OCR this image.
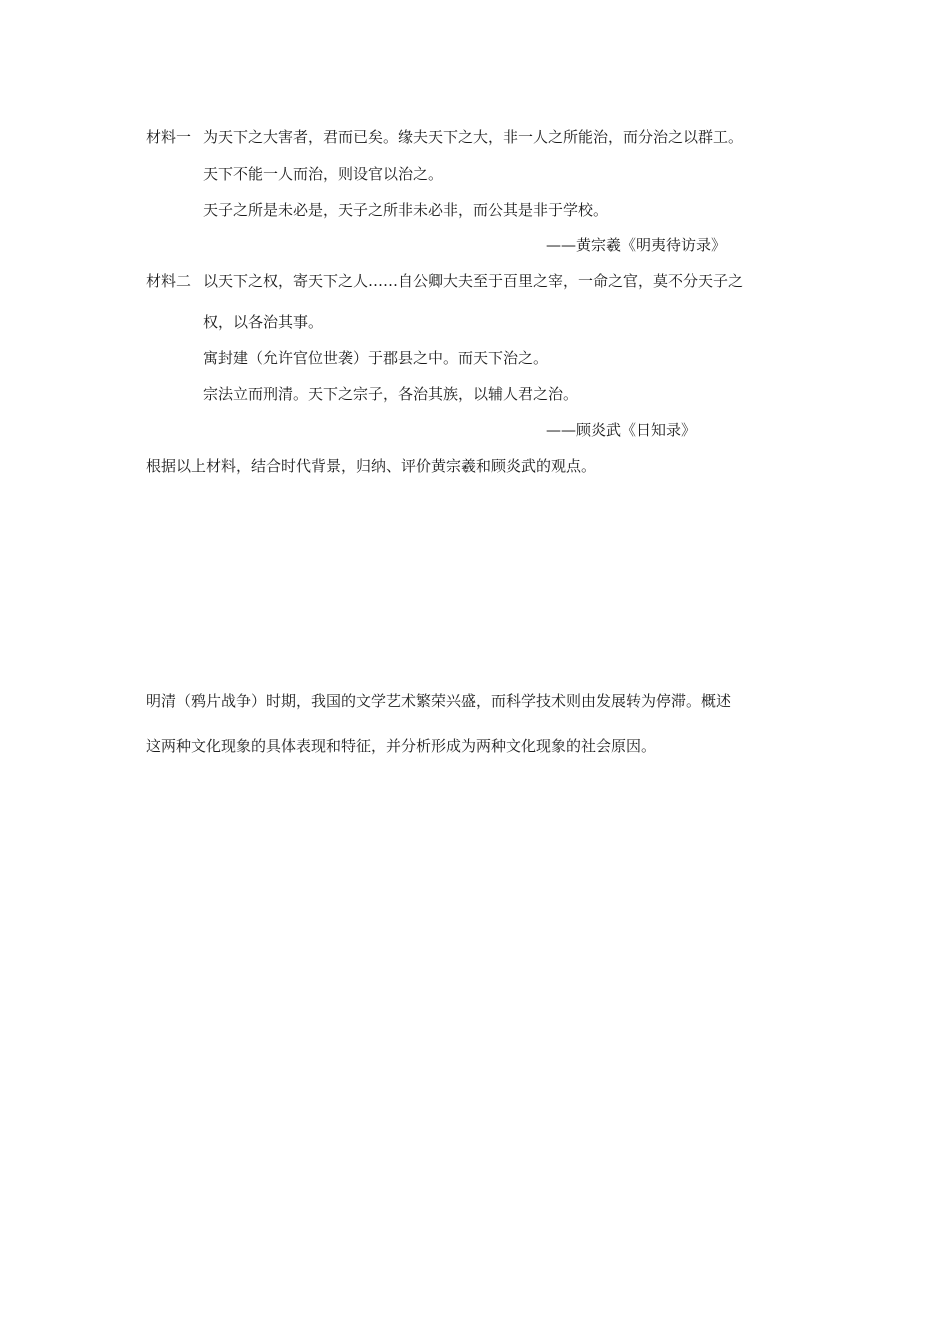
材料一 为天下之大害者，君而已矣。缘夫天下之大，非一人之所能治，而分治之以群工。
天下不能一人而治，则设官以治之。
天子之所是未必是，天子之所非未必非，而公其是非于学校。
——黄宗羲《明夷待访录》
材料二 以天下之权，寄天下之人……自公卿大夫至于百里之宰，一命之官，莫不分天子之
权，以各治其事。
寓封建（允许官位世袭）于郡县之中。而天下治之。
宗法立而刑清。天下之宗子，各治其族，以辅人君之治。
——顾炎武《日知录》
根据以上材料，结合时代背景，归纳、评价黄宗羲和顾炎武的观点。
明清（鸦片战争）时期，我国的文学艺术繁荣兴盛，而科学技术则由发展转为停滞。概述
这两种文化现象的具体表现和特征，并分析形成为两种文化现象的社会原因。
